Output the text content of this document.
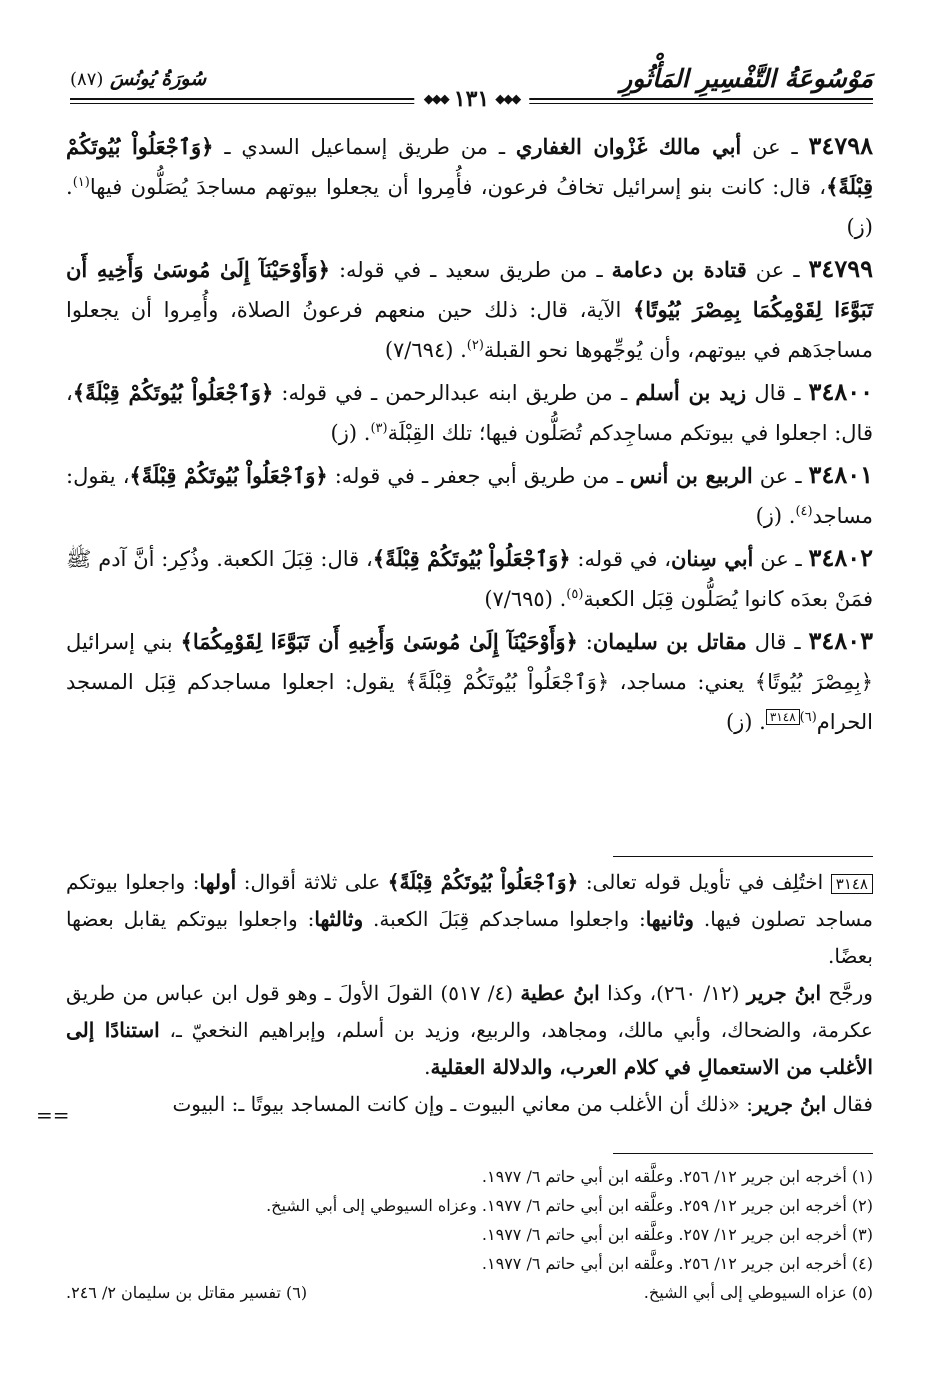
مَوْسُوعَةُ التَّفْسِيرِ المَأْثُورِ
سُورَةُ يُونُسَ (٨٧)
◆◆◆
١٣١
◆◆◆

٣٤٧٩٨ ـ عن أبي مالك غَزْوان الغفاري ـ من طريق إسماعيل السدي ـ ﴿وَٱجْعَلُواْ بُيُوتَكُمْ قِبْلَةً﴾، قال: كانت بنو إسرائيل تخافُ فرعون، فأُمِروا أن يجعلوا بيوتهم مساجدَ يُصَلُّون فيها$^{(١)}$. (ز)

٣٤٧٩٩ ـ عن قتادة بن دعامة ـ من طريق سعيد ـ في قوله: ﴿وَأَوْحَيْنَآ إِلَىٰ مُوسَىٰ وَأَخِيهِ أَن تَبَوَّءَا لِقَوْمِكُمَا بِمِصْرَ بُيُوتًا﴾ الآية، قال: ذلك حين منعهم فرعونُ الصلاة، وأُمِروا أن يجعلوا مساجدَهم في بيوتهم، وأن يُوجِّهوها نحو القبلة$^{(٢)}$. (٧/٦٩٤)

٣٤٨٠٠ ـ قال زيد بن أسلم ـ من طريق ابنه عبدالرحمن ـ في قوله: ﴿وَٱجْعَلُواْ بُيُوتَكُمْ قِبْلَةً﴾، قال: اجعلوا في بيوتكم مساجِدكم تُصَلُّون فيها؛ تلك القِبْلَة$^{(٣)}$. (ز)

٣٤٨٠١ ـ عن الربيع بن أنس ـ من طريق أبي جعفر ـ في قوله: ﴿وَٱجْعَلُواْ بُيُوتَكُمْ قِبْلَةً﴾، يقول: مساجد$^{(٤)}$. (ز)

٣٤٨٠٢ ـ عن أبي سِنان، في قوله: ﴿وَٱجْعَلُواْ بُيُوتَكُمْ قِبْلَةً﴾، قال: قِبَلَ الكعبة. وذُكِر: أنَّ آدم ﷺ فمَنْ بعدَه كانوا يُصَلُّون قِبَل الكعبة$^{(٥)}$. (٧/٦٩٥)

٣٤٨٠٣ ـ قال مقاتل بن سليمان: ﴿وَأَوْحَيْنَآ إِلَىٰ مُوسَىٰ وَأَخِيهِ أَن تَبَوَّءَا لِقَوْمِكُمَا﴾ بني إسرائيل ﴿بِمِصْرَ بُيُوتًا﴾ يعني: مساجد، ﴿وَٱجْعَلُواْ بُيُوتَكُمْ قِبْلَةً﴾ يقول: اجعلوا مساجدكم قِبَل المسجد الحرام$^{(٦)}$٣١٤٨. (ز)

٣١٤٨ اختُلِف في تأويل قوله تعالى: ﴿وَٱجْعَلُواْ بُيُوتَكُمْ قِبْلَةً﴾ على ثلاثة أقوال: أولها: واجعلوا بيوتكم مساجد تصلون فيها. وثانيها: واجعلوا مساجدكم قِبَلَ الكعبة. وثالثها: واجعلوا بيوتكم يقابل بعضها بعضًا.

ورجَّح ابنُ جرير (١٢/ ٢٦٠)، وكذا ابنُ عطية (٤/ ٥١٧) القولَ الأولَ ـ وهو قول ابن عباس من طريق عكرمة، والضحاك، وأبي مالك، ومجاهد، والربيع، وزيد بن أسلم، وإبراهيم النخعيّ ـ، استنادًا إلى الأغلب من الاستعمالِ في كلام العرب، والدلالة العقلية.

فقال ابنُ جرير: «ذلك أن الأغلب من معاني البيوت ـ وإن كانت المساجد بيوتًا ـ: البيوت

==

(١) أخرجه ابن جرير ١٢/ ٢٥٦. وعلَّقه ابن أبي حاتم ٦/ ١٩٧٧.

(٢) أخرجه ابن جرير ١٢/ ٢٥٩. وعلَّقه ابن أبي حاتم ٦/ ١٩٧٧. وعزاه السيوطي إلى أبي الشيخ.

(٣) أخرجه ابن جرير ١٢/ ٢٥٧. وعلَّقه ابن أبي حاتم ٦/ ١٩٧٧.

(٤) أخرجه ابن جرير ١٢/ ٢٥٦. وعلَّقه ابن أبي حاتم ٦/ ١٩٧٧.

(٥) عزاه السيوطي إلى أبي الشيخ.

(٦) تفسير مقاتل بن سليمان ٢/ ٢٤٦.
